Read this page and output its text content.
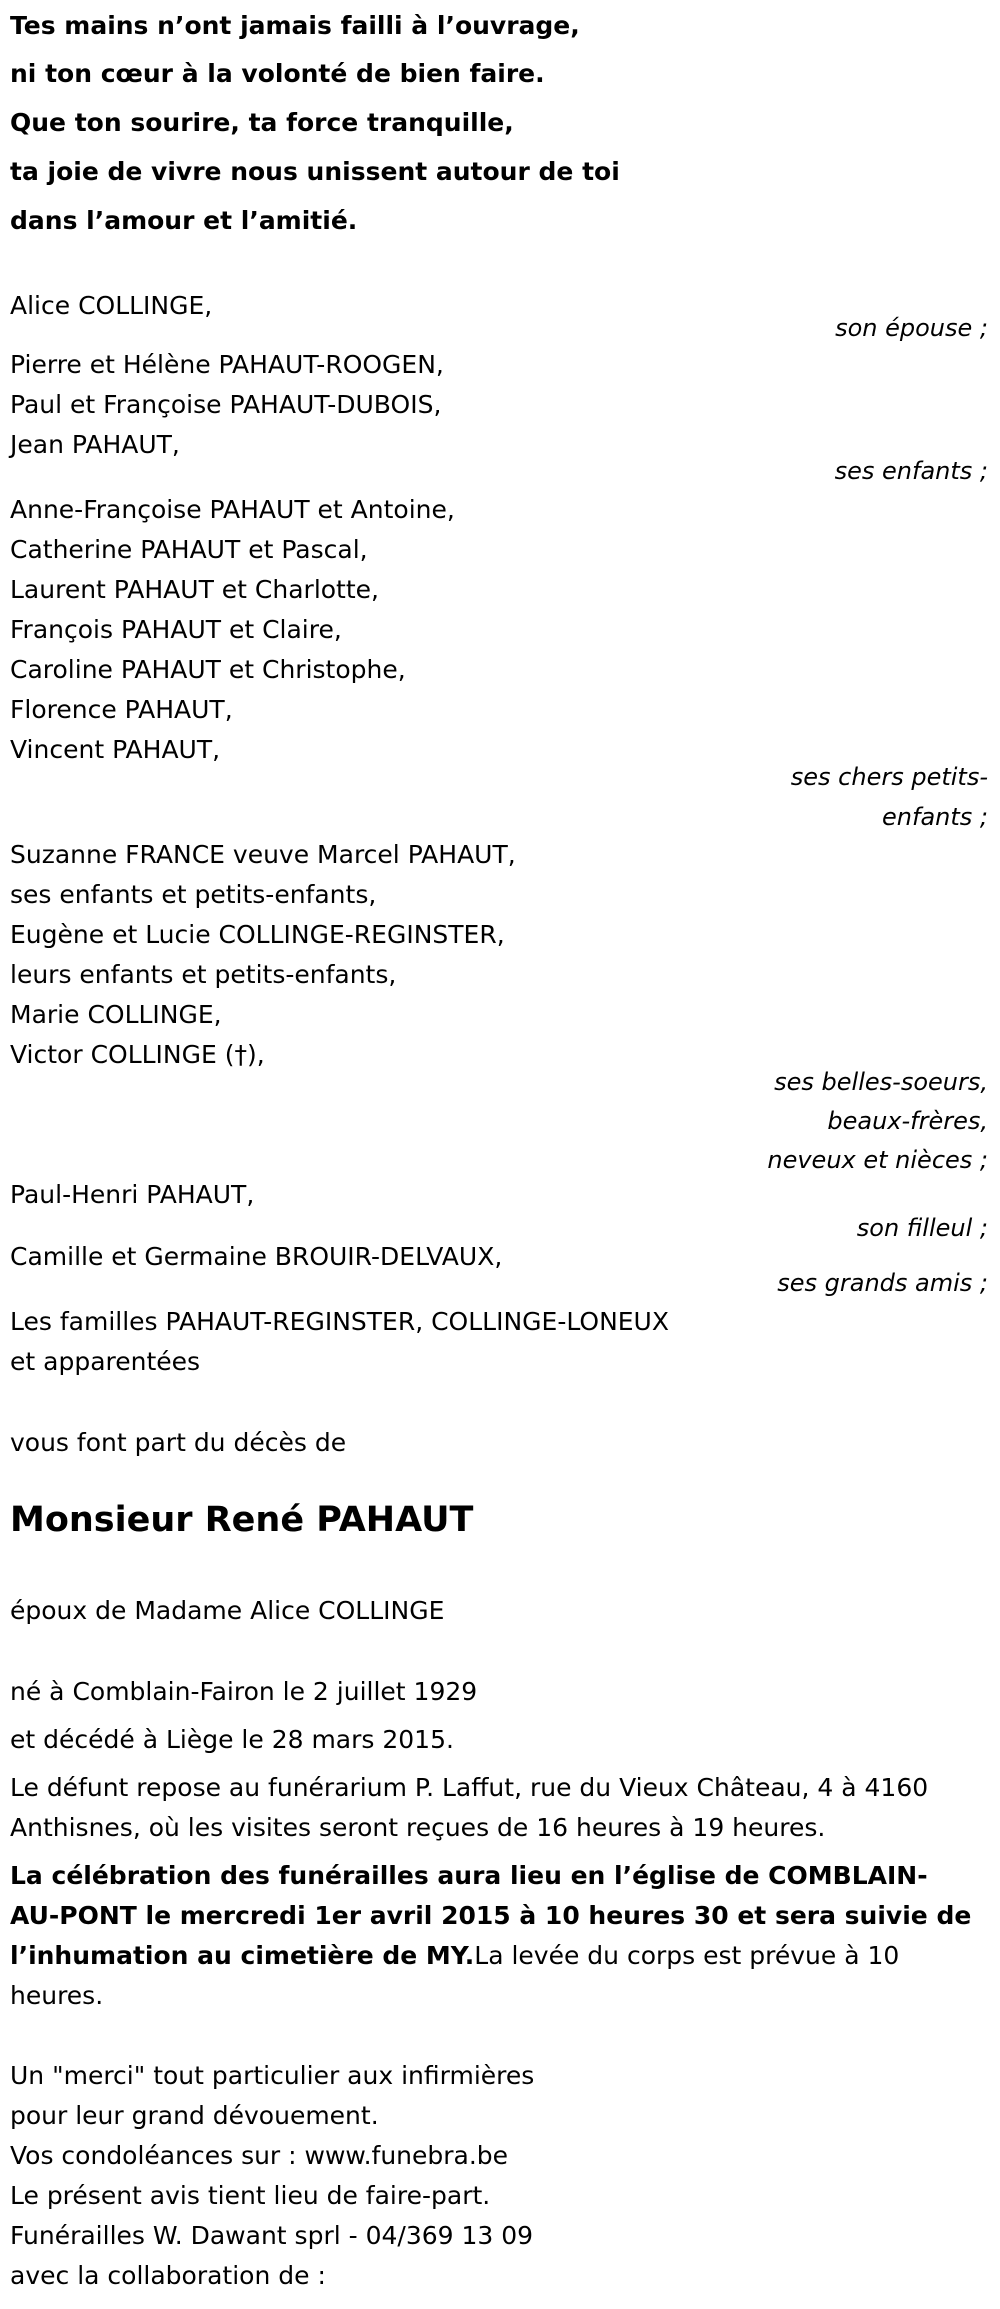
Tes mains n’ont jamais failli à l’ouvrage,
ni ton cœur à la volonté de bien faire.
Que ton sourire, ta force tranquille,
ta joie de vivre nous unissent autour de toi
dans l’amour et l’amitié.
Alice COLLINGE,
son épouse ;
Pierre et Hélène PAHAUT-ROOGEN,
Paul et Françoise PAHAUT-DUBOIS,
Jean PAHAUT,
ses enfants ;
Anne-Françoise PAHAUT et Antoine,
Catherine PAHAUT et Pascal,
Laurent PAHAUT et Charlotte,
François PAHAUT et Claire,
Caroline PAHAUT et Christophe,
Florence PAHAUT,
Vincent PAHAUT,
ses chers petits-
enfants ;
Suzanne FRANCE veuve Marcel PAHAUT,
ses enfants et petits-enfants,
Eugène et Lucie COLLINGE-REGINSTER,
leurs enfants et petits-enfants,
Marie COLLINGE,
Victor COLLINGE (†),
ses belles-soeurs,
beaux-frères,
neveux et nièces ;
Paul-Henri PAHAUT,
son filleul ;
Camille et Germaine BROUIR-DELVAUX,
ses grands amis ;
Les familles PAHAUT-REGINSTER, COLLINGE-LONEUX
et apparentées
vous font part du décès de
Monsieur René PAHAUT
époux de Madame Alice COLLINGE
né à Comblain-Fairon le 2 juillet 1929
et décédé à Liège le 28 mars 2015.
Le défunt repose au funérarium P. Laffut, rue du Vieux Château, 4 à 4160
Anthisnes, où les visites seront reçues de 16 heures à 19 heures.
La célébration des funérailles aura lieu en l’église de COMBLAIN-
AU-PONT le mercredi 1er avril 2015 à 10 heures 30 et sera suivie de
l’inhumation au cimetière de MY.La levée du corps est prévue à 10
heures.
Un "merci" tout particulier aux infirmières
pour leur grand dévouement.
Vos condoléances sur : www.funebra.be
Le présent avis tient lieu de faire-part.
Funérailles W. Dawant sprl - 04/369 13 09
avec la collaboration de :
